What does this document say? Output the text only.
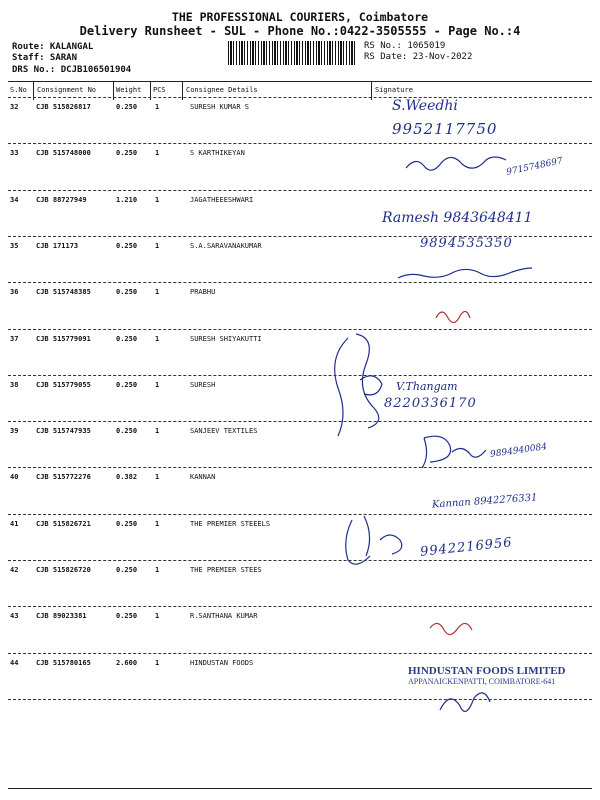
THE PROFESSIONAL COURIERS, Coimbatore
Delivery Runsheet - SUL - Phone No.:0422-3505555 - Page No.:4
Route: KALANGAL
Staff: SARAN
DRS No.: DCJB106501904
RS No.: 1065019
RS Date: 23-Nov-2022
S.No Consignment No	Weight PCS	Consignee Details	Signature
32	CJB 515826817	0.250	1	SURESH KUMAR S
33	CJB 515748000	0.250	1	S KARTHIKEYAN
34	CJB 88727949	1.210	1	JAGATHEEESHWARI
35	CJB 171173	0.250	1	S.A.SARAVANAKUMAR
36	CJB 515748385	0.250	1	PRABHU
37	CJB 515779091	0.250	1	SURESH SHIYAKUTTI
38	CJB 515779055	0.250	1	SURESH
39	CJB 515747935	0.250	1	SANJEEV TEXTILES
40	CJB 515772276	0.382	1	KANNAN
41	CJB 515826721	0.250	1	THE PREMIER STEEELS
42	CJB 515826720	0.250	1	THE PREMIER STEES
43	CJB 89023381	0.250	1	R.SANTHANA KUMAR
44	CJB 515780165	2.600	1	HINDUSTAN FOODS
S.Weedhi
9952117750
9715748697
Ramesh 9843648411
9894535350
V.Thangam
8220336170
9894940084
Kannan 8942276331
9942216956
HINDUSTAN FOODS LIMITED
APPANAICKENPATTI, COIMBATORE-641
